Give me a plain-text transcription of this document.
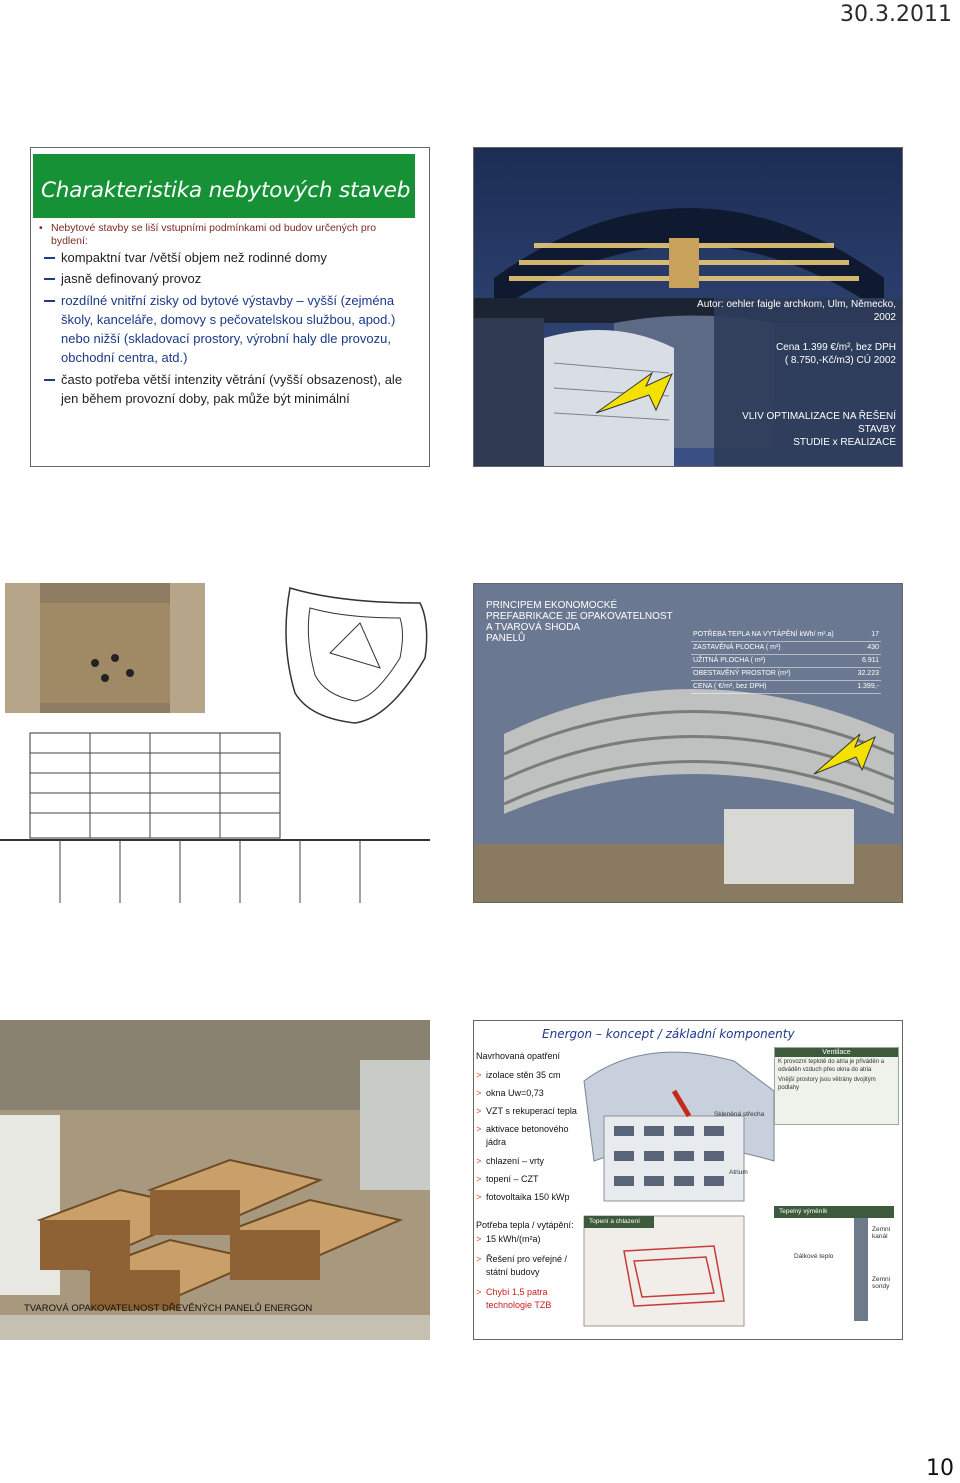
30.3.2011
Charakteristika nebytových staveb
• Nebytové stavby se liší vstupními podmínkami od budov určených pro bydlení:
kompaktní tvar /větší objem než rodinné domy
jasně definovaný provoz
rozdílné vnitřní zisky od bytové výstavby – vyšší (zejména školy, kanceláře, domovy s pečovatelskou službou, apod.) nebo nižší (skladovací prostory, výrobní haly dle provozu, obchodní centra, atd.)
často potřeba větší intenzity větrání (vyšší obsazenost), ale jen během provozní doby, pak může být minimální
Autor: oehler faigle archkom, Ulm, Německo, 2002
Cena 1.399 €/m², bez DPH
( 8.750,-Kč/m3) CÚ 2002
VLIV OPTIMALIZACE NA ŘEŠENÍ STAVBY
STUDIE x REALIZACE
PRINCIPEM EKONOMOCKÉ
PREFABRIKACE JE OPAKOVATELNOST
A TVAROVÁ SHODA
PANELŮ	POTŘEBA TEPLA NA VYTÁPĚNÍ kWh/ m².a)	17
ZASTAVĚNÁ PLOCHA ( m²)	430
UŽITNÁ PLOCHA ( m²)	6.911
OBESTAVĚNÝ PROSTOR (m³)	32.223
CENA ( €/m², bez DPH)	1.399,-
TVAROVÁ OPAKOVATELNOST DŘEVĚNÝCH PANELŮ ENERGON
Energon – koncept / základní komponenty
Navrhovaná opatření
> izolace stěn 35 cm
> okna Uw=0,73
> VZT s rekuperací tepla
> aktivace betonového jádra
> chlazení – vrty
> topení – CZT
> fotovoltaika 150 kWp
Potřeba tepla / vytápění:
> 15 kWh/(m²a)
> Řešení pro veřejné / státní budovy
> Chybí 1,5 patra technologie TZB
Ventilace
K provozní teplotě do atria je přiváděn a odváděn vzduch přes okna do atria
Vnější prostory jsou větrány dvojitým podlahy
Skleněná střecha
Atrium
Topení a chlazení
Tepelný výměník
Zemní kanál
Dálkové teplo
Zemní sondy
10
